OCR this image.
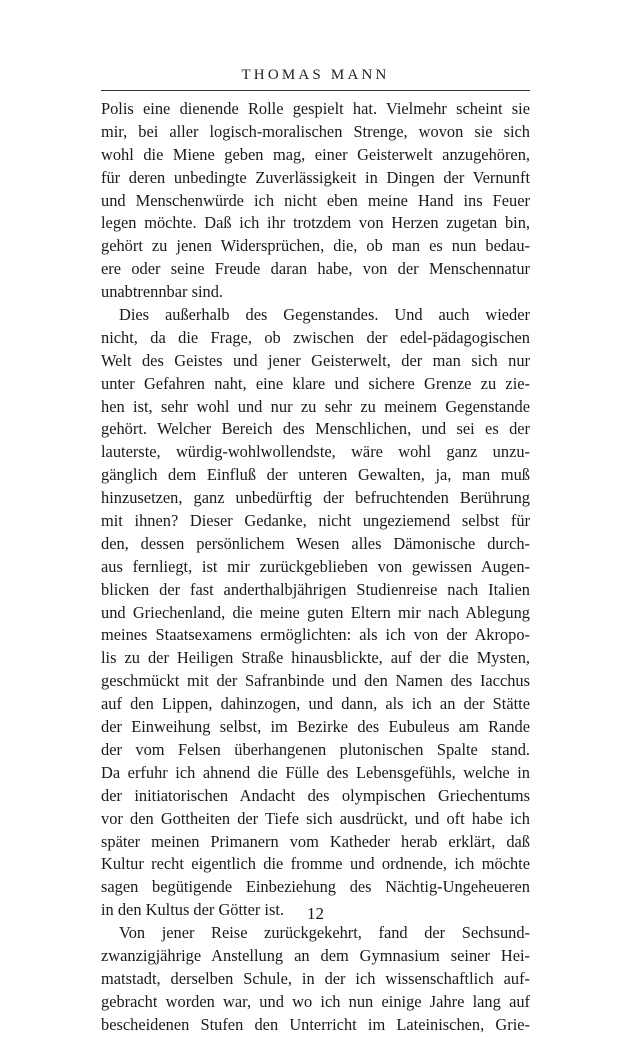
THOMAS MANN
Polis eine dienende Rolle gespielt hat. Vielmehr scheint sie
mir, bei aller logisch-moralischen Strenge, wovon sie sich
wohl die Miene geben mag, einer Geisterwelt anzugehören,
für deren unbedingte Zuverlässigkeit in Dingen der Vernunft
und Menschenwürde ich nicht eben meine Hand ins Feuer
legen möchte. Daß ich ihr trotzdem von Herzen zugetan bin,
gehört zu jenen Widersprüchen, die, ob man es nun bedau-
ere oder seine Freude daran habe, von der Menschennatur
unabtrennbar sind.
Dies außerhalb des Gegenstandes. Und auch wieder
nicht, da die Frage, ob zwischen der edel-pädagogischen
Welt des Geistes und jener Geisterwelt, der man sich nur
unter Gefahren naht, eine klare und sichere Grenze zu zie-
hen ist, sehr wohl und nur zu sehr zu meinem Gegenstande
gehört. Welcher Bereich des Menschlichen, und sei es der
lauterste, würdig-wohlwollendste, wäre wohl ganz unzu-
gänglich dem Einfluß der unteren Gewalten, ja, man muß
hinzusetzen, ganz unbedürftig der befruchtenden Berührung
mit ihnen? Dieser Gedanke, nicht ungeziemend selbst für
den, dessen persönlichem Wesen alles Dämonische durch-
aus fernliegt, ist mir zurückgeblieben von gewissen Augen-
blicken der fast anderthalbjährigen Studienreise nach Italien
und Griechenland, die meine guten Eltern mir nach Ablegung
meines Staatsexamens ermöglichten: als ich von der Akropo-
lis zu der Heiligen Straße hinausblickte, auf der die Mysten,
geschmückt mit der Safranbinde und den Namen des Iacchus
auf den Lippen, dahinzogen, und dann, als ich an der Stätte
der Einweihung selbst, im Bezirke des Eubuleus am Rande
der vom Felsen überhangenen plutonischen Spalte stand.
Da erfuhr ich ahnend die Fülle des Lebensgefühls, welche in
der initiatorischen Andacht des olympischen Griechentums
vor den Gottheiten der Tiefe sich ausdrückt, und oft habe ich
später meinen Primanern vom Katheder herab erklärt, daß
Kultur recht eigentlich die fromme und ordnende, ich möchte
sagen begütigende Einbeziehung des Nächtig-Ungeheueren
in den Kultus der Götter ist.
Von jener Reise zurückgekehrt, fand der Sechsund-
zwanzigjährige Anstellung an dem Gymnasium seiner Hei-
matstadt, derselben Schule, in der ich wissenschaftlich auf-
gebracht worden war, und wo ich nun einige Jahre lang auf
bescheidenen Stufen den Unterricht im Lateinischen, Grie-
12
